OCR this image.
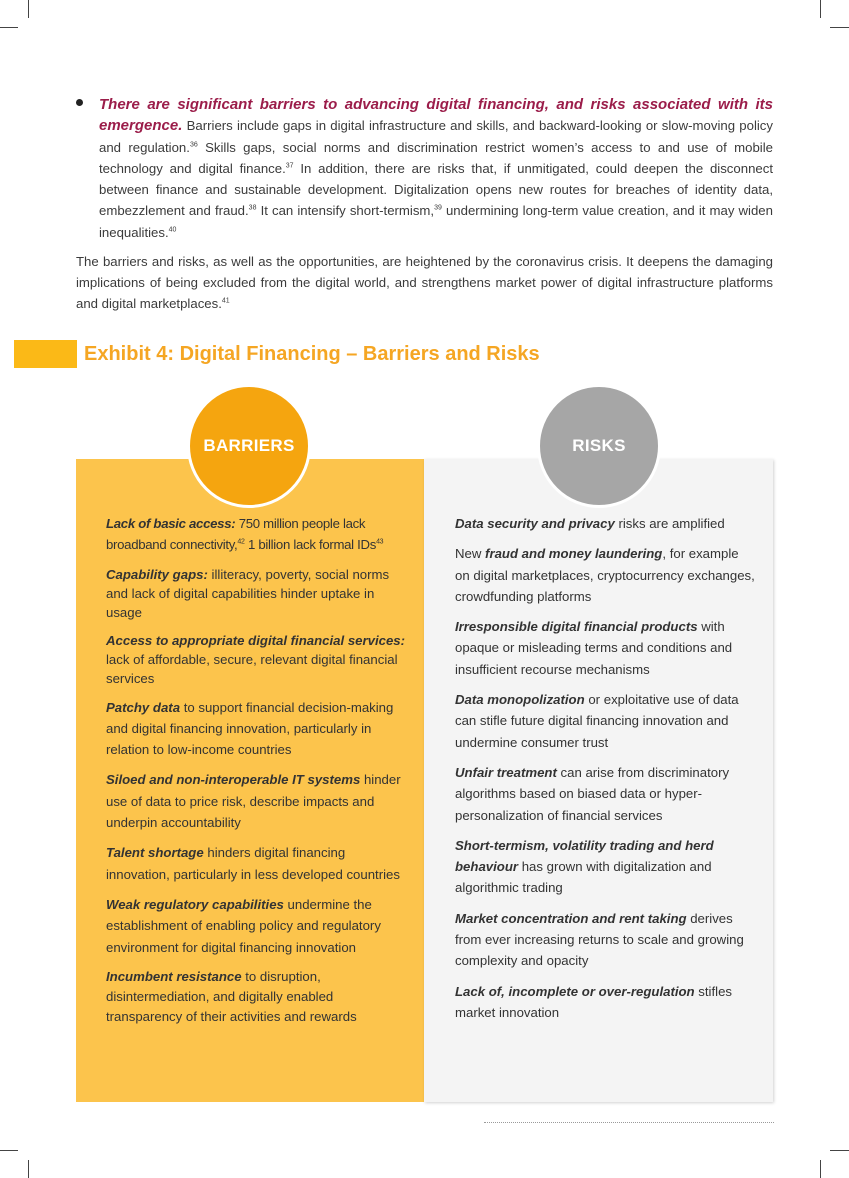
There are significant barriers to advancing digital financing, and risks associated with its emergence. Barriers include gaps in digital infrastructure and skills, and backward-looking or slow-moving policy and regulation.$^{36}$ Skills gaps, social norms and discrimination restrict women’s access to and use of mobile technology and digital finance.$^{37}$ In addition, there are risks that, if unmitigated, could deepen the disconnect between finance and sustainable development. Digitalization opens new routes for breaches of identity data, embezzlement and fraud.$^{38}$ It can intensify short-termism,$^{39}$ undermining long-term value creation, and it may widen inequalities.$^{40}$
The barriers and risks, as well as the opportunities, are heightened by the coronavirus crisis. It deepens the damaging implications of being excluded from the digital world, and strengthens market power of digital infrastructure platforms and digital marketplaces.$^{41}$
Exhibit 4: Digital Financing – Barriers and Risks
BARRIERS	RISKS
Lack of basic access: 750 million people lack broadband connectivity,$^{42}$ 1 billion lack formal IDs$^{43}$
Capability gaps: illiteracy, poverty, social norms and lack of digital capabilities hinder uptake in usage
Access to appropriate digital financial services: lack of affordable, secure, relevant digital financial services
Patchy data to support financial decision-making and digital financing innovation, particularly in relation to low-income countries
Siloed and non-interoperable IT systems hinder use of data to price risk, describe impacts and underpin accountability
Talent shortage hinders digital financing innovation, particularly in less developed countries
Weak regulatory capabilities undermine the establishment of enabling policy and regulatory environment for digital financing innovation
Incumbent resistance to disruption, disintermediation, and digitally enabled transparency of their activities and rewards
Data security and privacy risks are amplified
New fraud and money laundering, for example on digital marketplaces, cryptocurrency exchanges, crowdfunding platforms
Irresponsible digital financial products with opaque or misleading terms and conditions and insufficient recourse mechanisms
Data monopolization or exploitative use of data can stifle future digital financing innovation and undermine consumer trust
Unfair treatment can arise from discriminatory algorithms based on biased data or hyper-personalization of financial services
Short-termism, volatility trading and herd behaviour has grown with digitalization and algorithmic trading
Market concentration and rent taking derives from ever increasing returns to scale and growing complexity and opacity
Lack of, incomplete or over-regulation stifles market innovation
